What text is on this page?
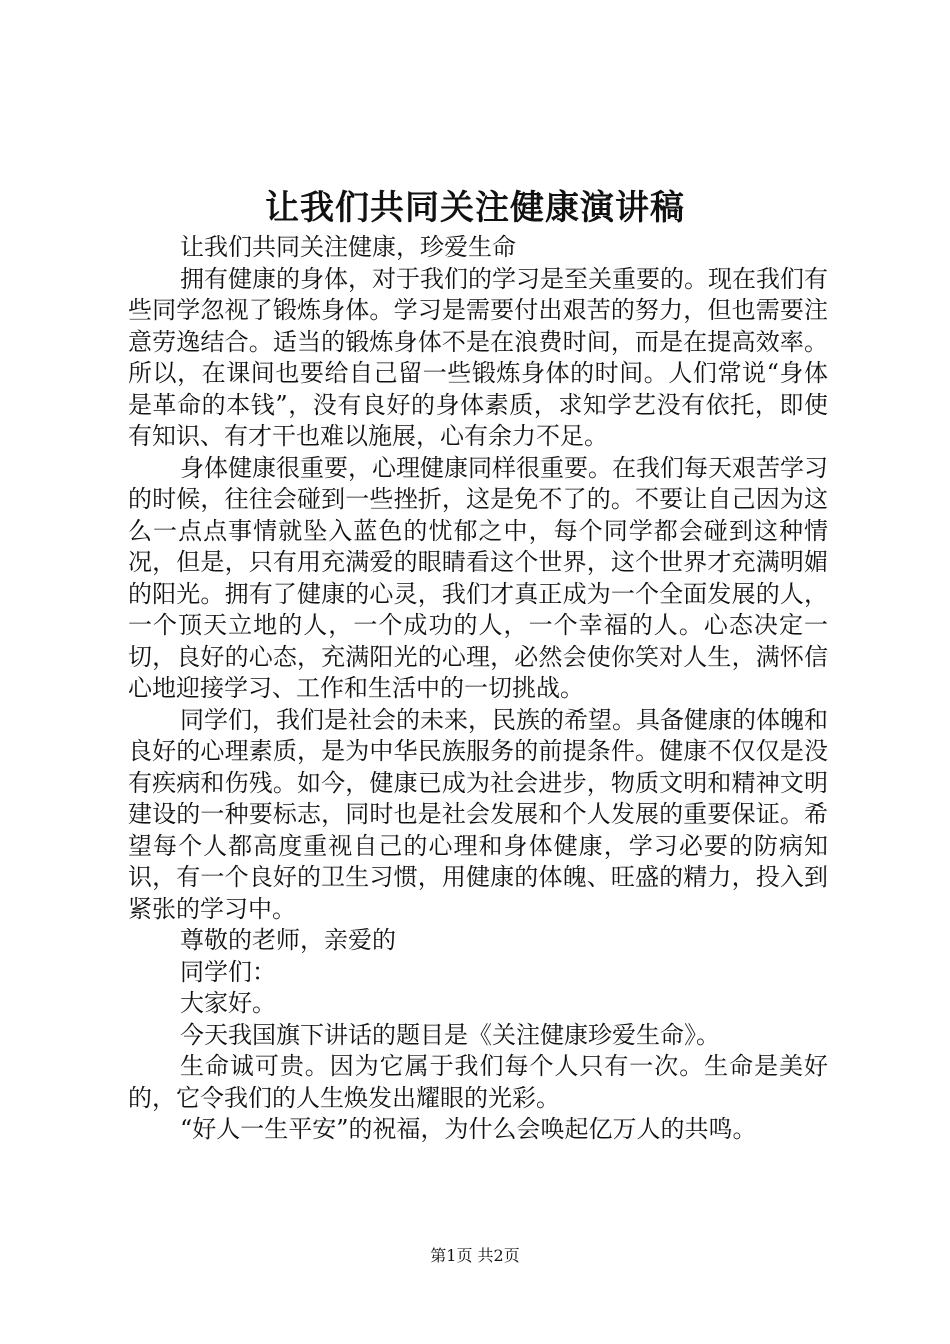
让我们共同关注健康演讲稿

让我们共同关注健康，珍爱生命

拥有健康的身体，对于我们的学习是至关重要的。现在我们有些同学忽视了锻炼身体。学习是需要付出艰苦的努力，但也需要注意劳逸结合。适当的锻炼身体不是在浪费时间，而是在提高效率。所以，在课间也要给自己留一些锻炼身体的时间。人们常说“身体是革命的本钱”，没有良好的身体素质，求知学艺没有依托，即使有知识、有才干也难以施展，心有余力不足。

身体健康很重要，心理健康同样很重要。在我们每天艰苦学习的时候，往往会碰到一些挫折，这是免不了的。不要让自己因为这么一点点事情就坠入蓝色的忧郁之中，每个同学都会碰到这种情况，但是，只有用充满爱的眼睛看这个世界，这个世界才充满明媚的阳光。拥有了健康的心灵，我们才真正成为一个全面发展的人，一个顶天立地的人，一个成功的人，一个幸福的人。心态决定一切，良好的心态，充满阳光的心理，必然会使你笑对人生，满怀信心地迎接学习、工作和生活中的一切挑战。

同学们，我们是社会的未来，民族的希望。具备健康的体魄和良好的心理素质，是为中华民族服务的前提条件。健康不仅仅是没有疾病和伤残。如今，健康已成为社会进步，物质文明和精神文明建设的一种要标志，同时也是社会发展和个人发展的重要保证。希望每个人都高度重视自己的心理和身体健康，学习必要的防病知识，有一个良好的卫生习惯，用健康的体魄、旺盛的精力，投入到紧张的学习中。

尊敬的老师，亲爱的

同学们：

大家好。

今天我国旗下讲话的题目是《关注健康珍爱生命》。

生命诚可贵。因为它属于我们每个人只有一次。生命是美好的，它令我们的人生焕发出耀眼的光彩。

“好人一生平安”的祝福，为什么会唤起亿万人的共鸣。

第1页 共2页
